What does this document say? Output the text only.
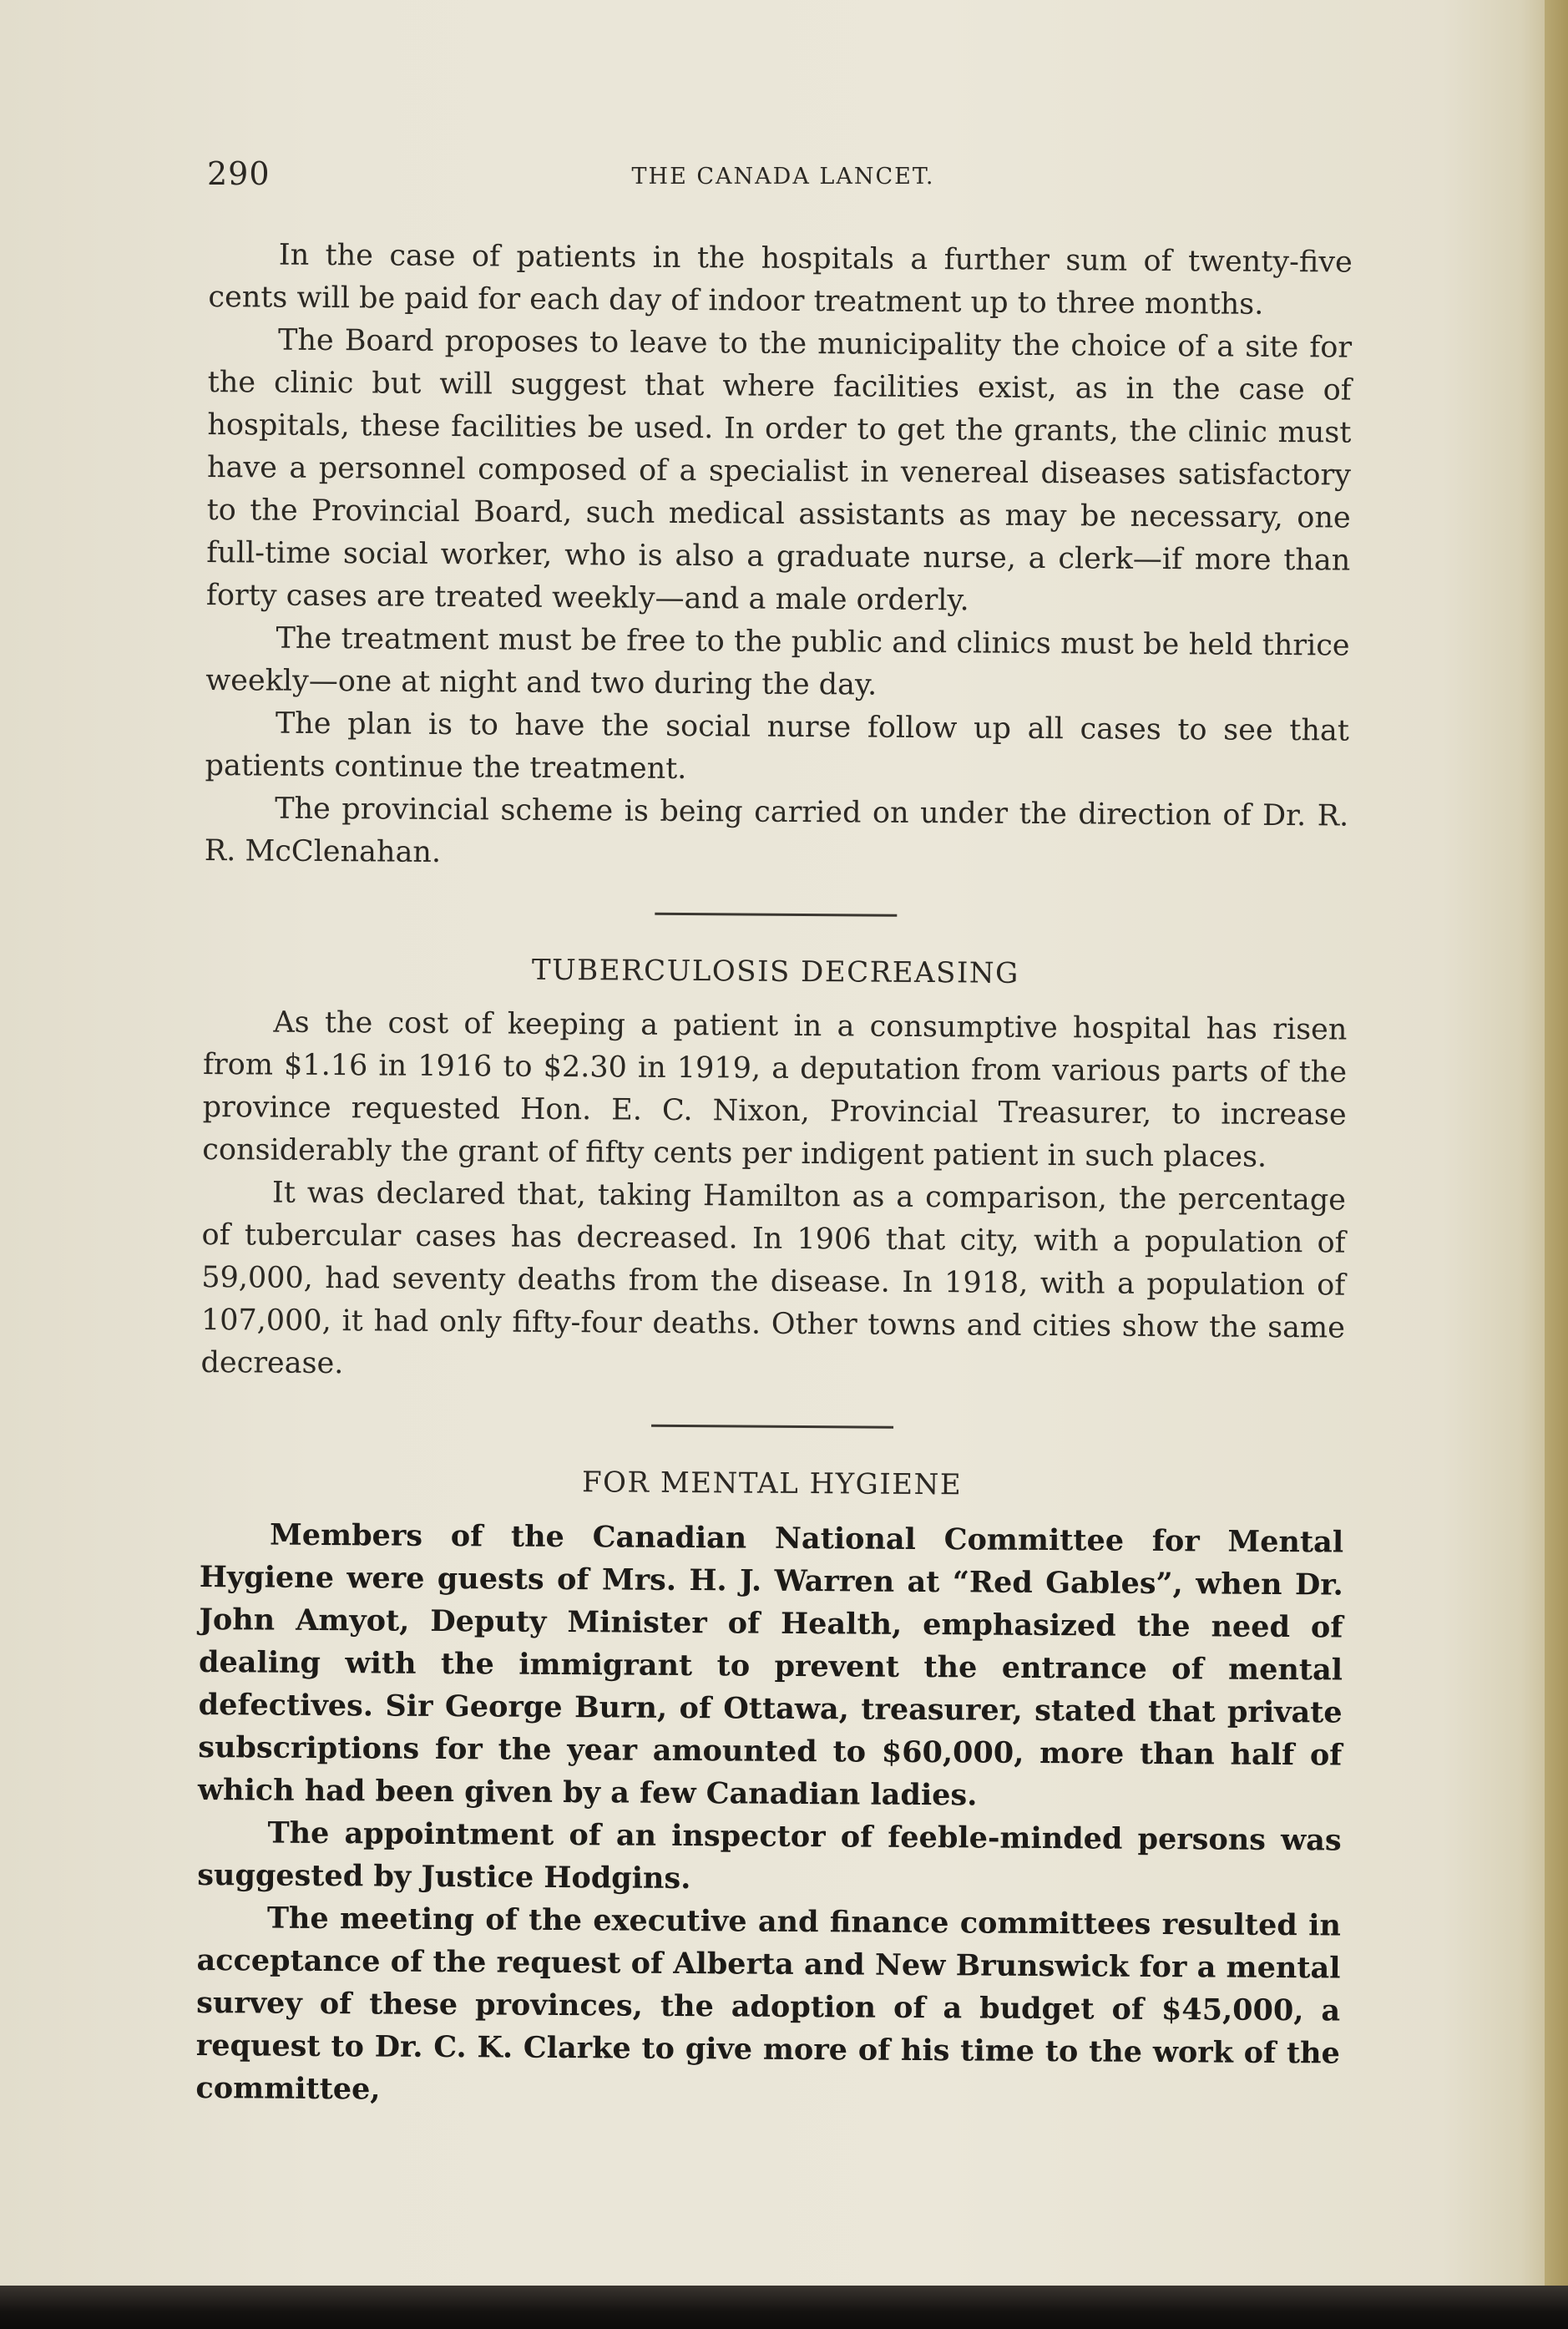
290	THE CANADA LANCET.

In the case of patients in the hospitals a further sum of twenty-five cents will be paid for each day of indoor treatment up to three months.

The Board proposes to leave to the municipality the choice of a site for the clinic but will suggest that where facilities exist, as in the case of hospitals, these facilities be used. In order to get the grants, the clinic must have a personnel composed of a specialist in venereal diseases satisfactory to the Provincial Board, such medical assistants as may be necessary, one full-time social worker, who is also a graduate nurse, a clerk—if more than forty cases are treated weekly—and a male orderly.

The treatment must be free to the public and clinics must be held thrice weekly—one at night and two during the day.

The plan is to have the social nurse follow up all cases to see that patients continue the treatment.

The provincial scheme is being carried on under the direction of Dr. R. R. McClenahan.

TUBERCULOSIS DECREASING

As the cost of keeping a patient in a consumptive hospital has risen from $1.16 in 1916 to $2.30 in 1919, a deputation from various parts of the province requested Hon. E. C. Nixon, Provincial Treasurer, to increase considerably the grant of fifty cents per indigent patient in such places.

It was declared that, taking Hamilton as a comparison, the percentage of tubercular cases has decreased. In 1906 that city, with a population of 59,000, had seventy deaths from the disease. In 1918, with a population of 107,000, it had only fifty-four deaths. Other towns and cities show the same decrease.

FOR MENTAL HYGIENE

Members of the Canadian National Committee for Mental Hygiene were guests of Mrs. H. J. Warren at “Red Gables”, when Dr. John Amyot, Deputy Minister of Health, emphasized the need of dealing with the immigrant to prevent the entrance of mental defectives. Sir George Burn, of Ottawa, treasurer, stated that private subscriptions for the year amounted to $60,000, more than half of which had been given by a few Canadian ladies.

The appointment of an inspector of feeble-minded persons was suggested by Justice Hodgins.

The meeting of the executive and finance committees resulted in acceptance of the request of Alberta and New Brunswick for a mental survey of these provinces, the adoption of a budget of $45,000, a request to Dr. C. K. Clarke to give more of his time to the work of the committee,
